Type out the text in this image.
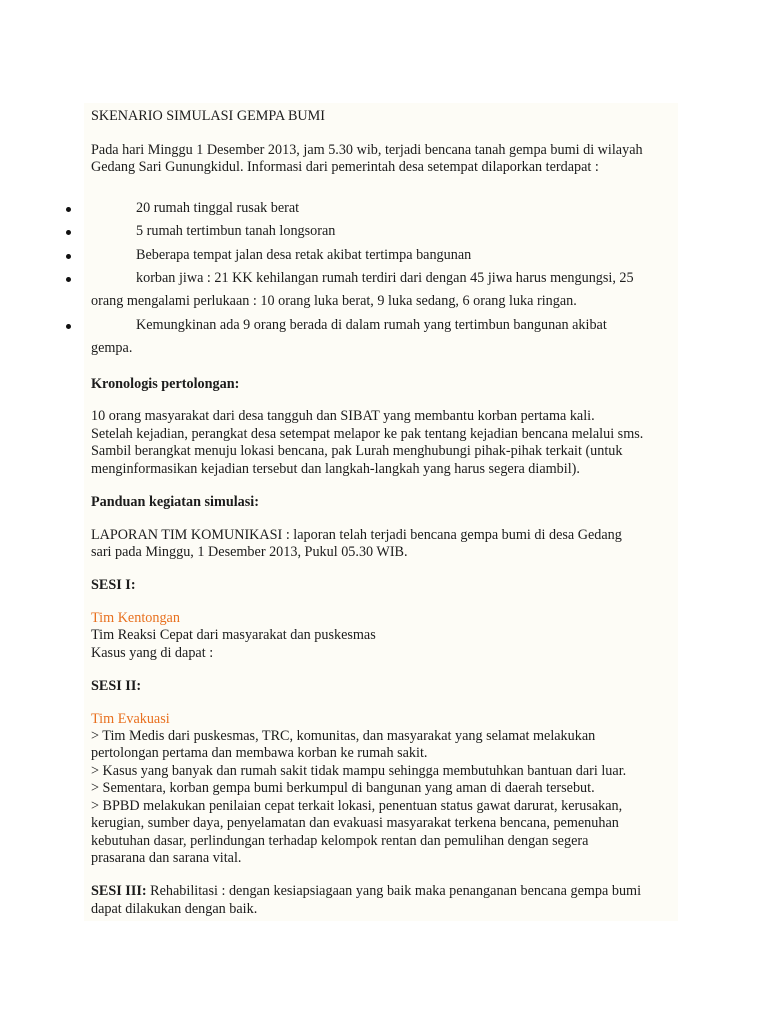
SKENARIO SIMULASI GEMPA BUMI
Pada hari Minggu 1 Desember 2013, jam 5.30 wib, terjadi bencana tanah gempa bumi di wilayah
Gedang Sari Gunungkidul. Informasi dari pemerintah desa setempat dilaporkan terdapat :
20 rumah tinggal rusak berat
5 rumah tertimbun tanah longsoran
Beberapa tempat jalan desa retak akibat tertimpa bangunan
korban jiwa : 21 KK kehilangan rumah terdiri dari dengan 45 jiwa harus mengungsi, 25
orang mengalami perlukaan : 10 orang luka berat, 9 luka sedang, 6 orang luka ringan.
Kemungkinan ada 9 orang berada di dalam rumah yang tertimbun bangunan akibat
gempa.
Kronologis pertolongan:
10 orang masyarakat dari desa tangguh dan SIBAT yang membantu korban pertama kali.
Setelah kejadian, perangkat desa setempat melapor ke pak tentang kejadian bencana melalui sms.
Sambil berangkat menuju lokasi bencana, pak Lurah menghubungi pihak-pihak terkait (untuk
menginformasikan kejadian tersebut dan langkah-langkah yang harus segera diambil).
Panduan kegiatan simulasi:
LAPORAN TIM KOMUNIKASI : laporan telah terjadi bencana gempa bumi di desa Gedang
sari pada Minggu, 1 Desember 2013, Pukul 05.30 WIB.
SESI I:
Tim Kentongan
Tim Reaksi Cepat dari masyarakat dan puskesmas
Kasus yang di dapat :
SESI II:
Tim Evakuasi
> Tim Medis dari puskesmas, TRC, komunitas, dan masyarakat yang selamat melakukan
pertolongan pertama dan membawa korban ke rumah sakit.
> Kasus yang banyak dan rumah sakit tidak mampu sehingga membutuhkan bantuan dari luar.
> Sementara, korban gempa bumi berkumpul di bangunan yang aman di daerah tersebut.
> BPBD melakukan penilaian cepat terkait lokasi, penentuan status gawat darurat, kerusakan,
kerugian, sumber daya, penyelamatan dan evakuasi masyarakat terkena bencana, pemenuhan
kebutuhan dasar, perlindungan terhadap kelompok rentan dan pemulihan dengan segera
prasarana dan sarana vital.
SESI III: Rehabilitasi : dengan kesiapsiagaan yang baik maka penanganan bencana gempa bumi
dapat dilakukan dengan baik.
